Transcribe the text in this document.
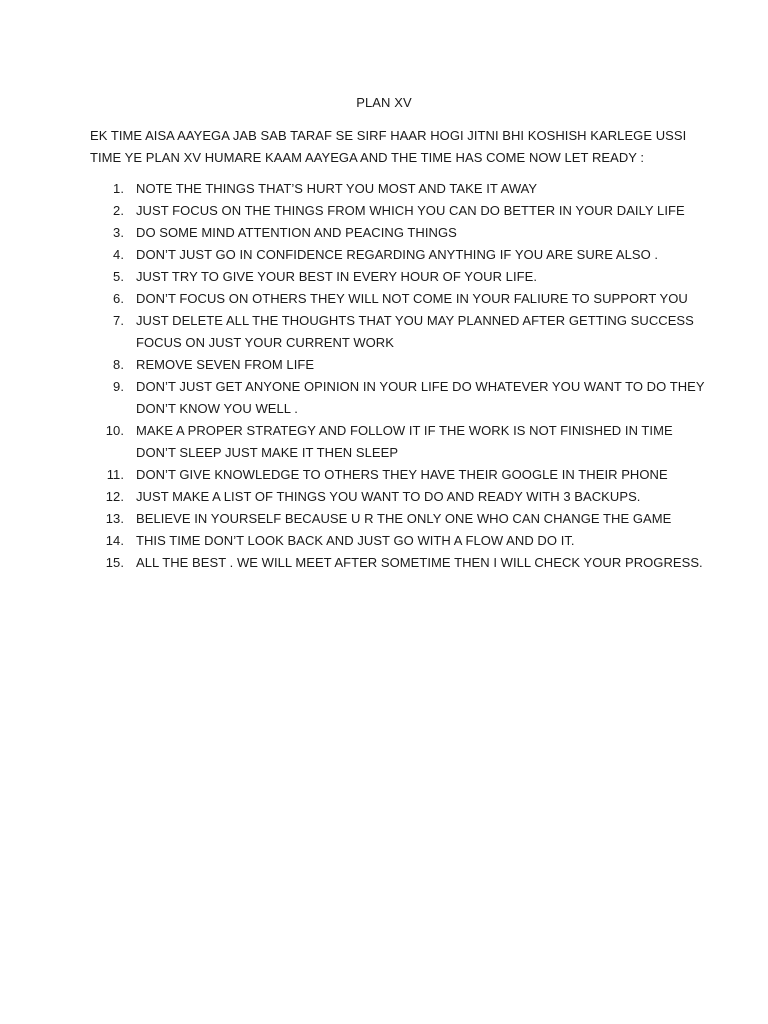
PLAN XV
EK TIME AISA AAYEGA JAB SAB TARAF SE SIRF HAAR HOGI JITNI BHI KOSHISH KARLEGE USSI
TIME YE PLAN XV HUMARE KAAM AAYEGA AND THE TIME HAS COME NOW LET READY :
1. NOTE THE THINGS THAT’S HURT YOU MOST AND TAKE IT AWAY
2. JUST FOCUS ON THE THINGS FROM WHICH YOU CAN DO BETTER IN YOUR DAILY LIFE
3. DO SOME MIND ATTENTION AND PEACING THINGS
4. DON’T JUST GO IN CONFIDENCE REGARDING ANYTHING IF YOU ARE SURE ALSO .
5. JUST TRY TO GIVE YOUR BEST IN EVERY HOUR OF YOUR LIFE.
6. DON’T FOCUS ON OTHERS THEY WILL NOT COME IN YOUR FALIURE TO SUPPORT YOU
7. JUST DELETE ALL THE THOUGHTS THAT YOU MAY PLANNED AFTER GETTING SUCCESS
FOCUS ON JUST YOUR CURRENT WORK
8. REMOVE SEVEN FROM LIFE
9. DON’T JUST GET ANYONE OPINION IN YOUR LIFE DO WHATEVER YOU WANT TO DO THEY
DON’T KNOW YOU WELL .
10. MAKE A PROPER STRATEGY AND FOLLOW IT IF THE WORK IS NOT FINISHED IN TIME
DON’T SLEEP JUST MAKE IT THEN SLEEP
11. DON’T GIVE KNOWLEDGE TO OTHERS THEY HAVE THEIR GOOGLE IN THEIR PHONE
12. JUST MAKE A LIST OF THINGS YOU WANT TO DO AND READY WITH 3 BACKUPS.
13. BELIEVE IN YOURSELF BECAUSE U R THE ONLY ONE WHO CAN CHANGE THE GAME
14. THIS TIME DON’T LOOK BACK AND JUST GO WITH A FLOW AND DO IT.
15. ALL THE BEST . WE WILL MEET AFTER SOMETIME THEN I WILL CHECK YOUR PROGRESS.
